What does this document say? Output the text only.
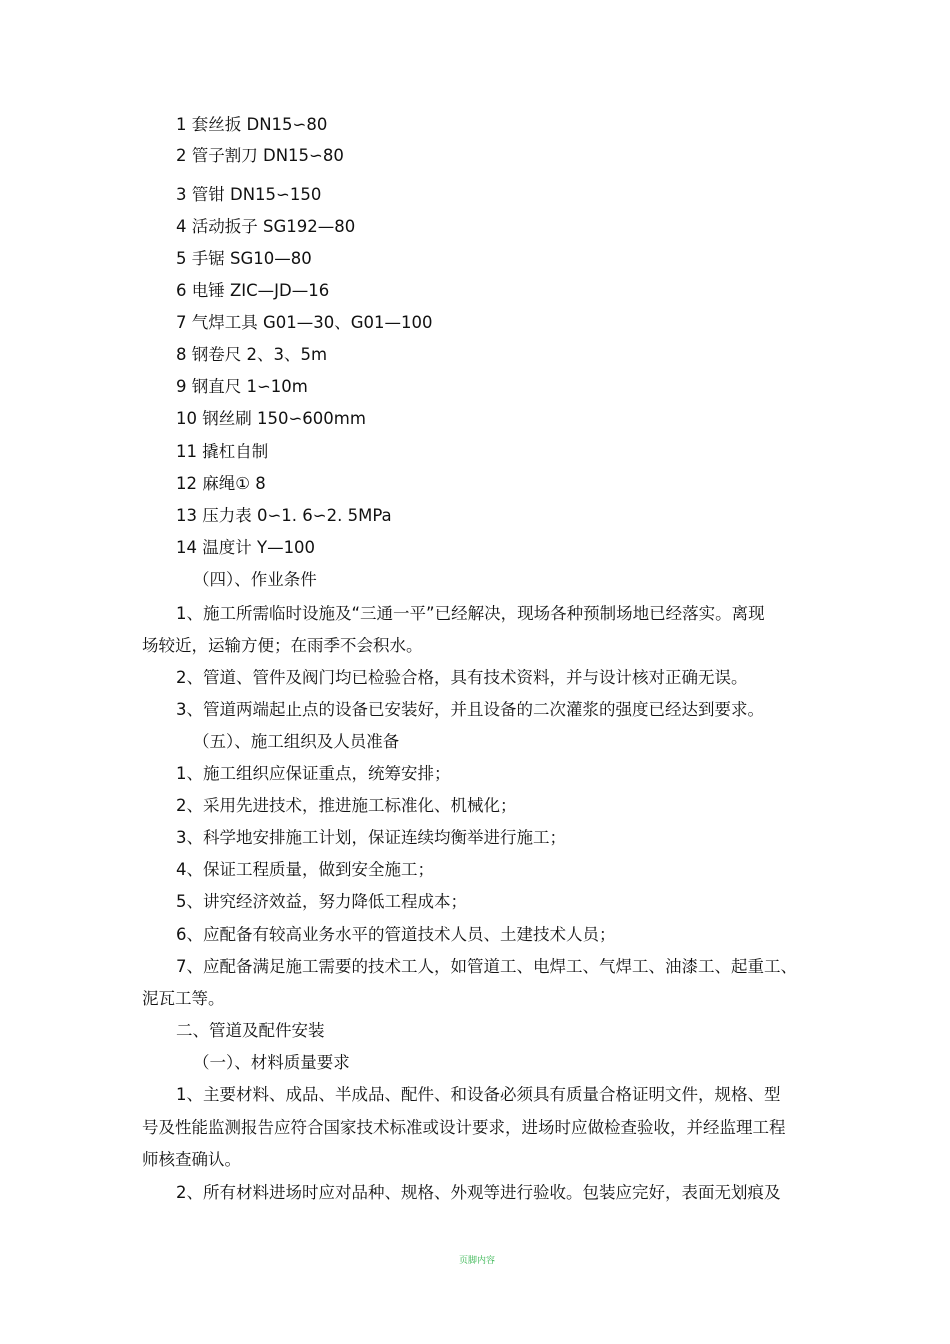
1 套丝扳 DN15∽80
2 管子割刀 DN15∽80
3 管钳 DN15∽150
4 活动扳子 SG192—80
5 手锯 SG10—80
6 电锤 ZIC—JD—16
7 气焊工具 G01—30、G01—100
8 钢卷尺 2、3、5m
9 钢直尺 1∽10m
10 钢丝刷 150∽600mm
11 撬杠自制
12 麻绳① 8
13 压力表 0∽1. 6∽2. 5MPa
14 温度计 Y—100
（四）、作业条件
1、施工所需临时设施及“三通一平”已经解决，现场各种预制场地已经落实。离现
场较近，运输方便；在雨季不会积水。
2、管道、管件及阀门均已检验合格，具有技术资料，并与设计核对正确无误。
3、管道两端起止点的设备已安装好，并且设备的二次灌浆的强度已经达到要求。
（五）、施工组织及人员准备
1、施工组织应保证重点，统筹安排；
2、采用先进技术，推进施工标准化、机械化；
3、科学地安排施工计划，保证连续均衡举进行施工；
4、保证工程质量，做到安全施工；
5、讲究经济效益，努力降低工程成本；
6、应配备有较高业务水平的管道技术人员、土建技术人员；
7、应配备满足施工需要的技术工人，如管道工、电焊工、气焊工、油漆工、起重工、
泥瓦工等。
二、管道及配件安装
（一）、材料质量要求
1、主要材料、成品、半成品、配件、和设备必须具有质量合格证明文件，规格、型
号及性能监测报告应符合国家技术标准或设计要求，进场时应做检查验收，并经监理工程
师核查确认。
2、所有材料进场时应对品种、规格、外观等进行验收。包装应完好，表面无划痕及
页脚内容
